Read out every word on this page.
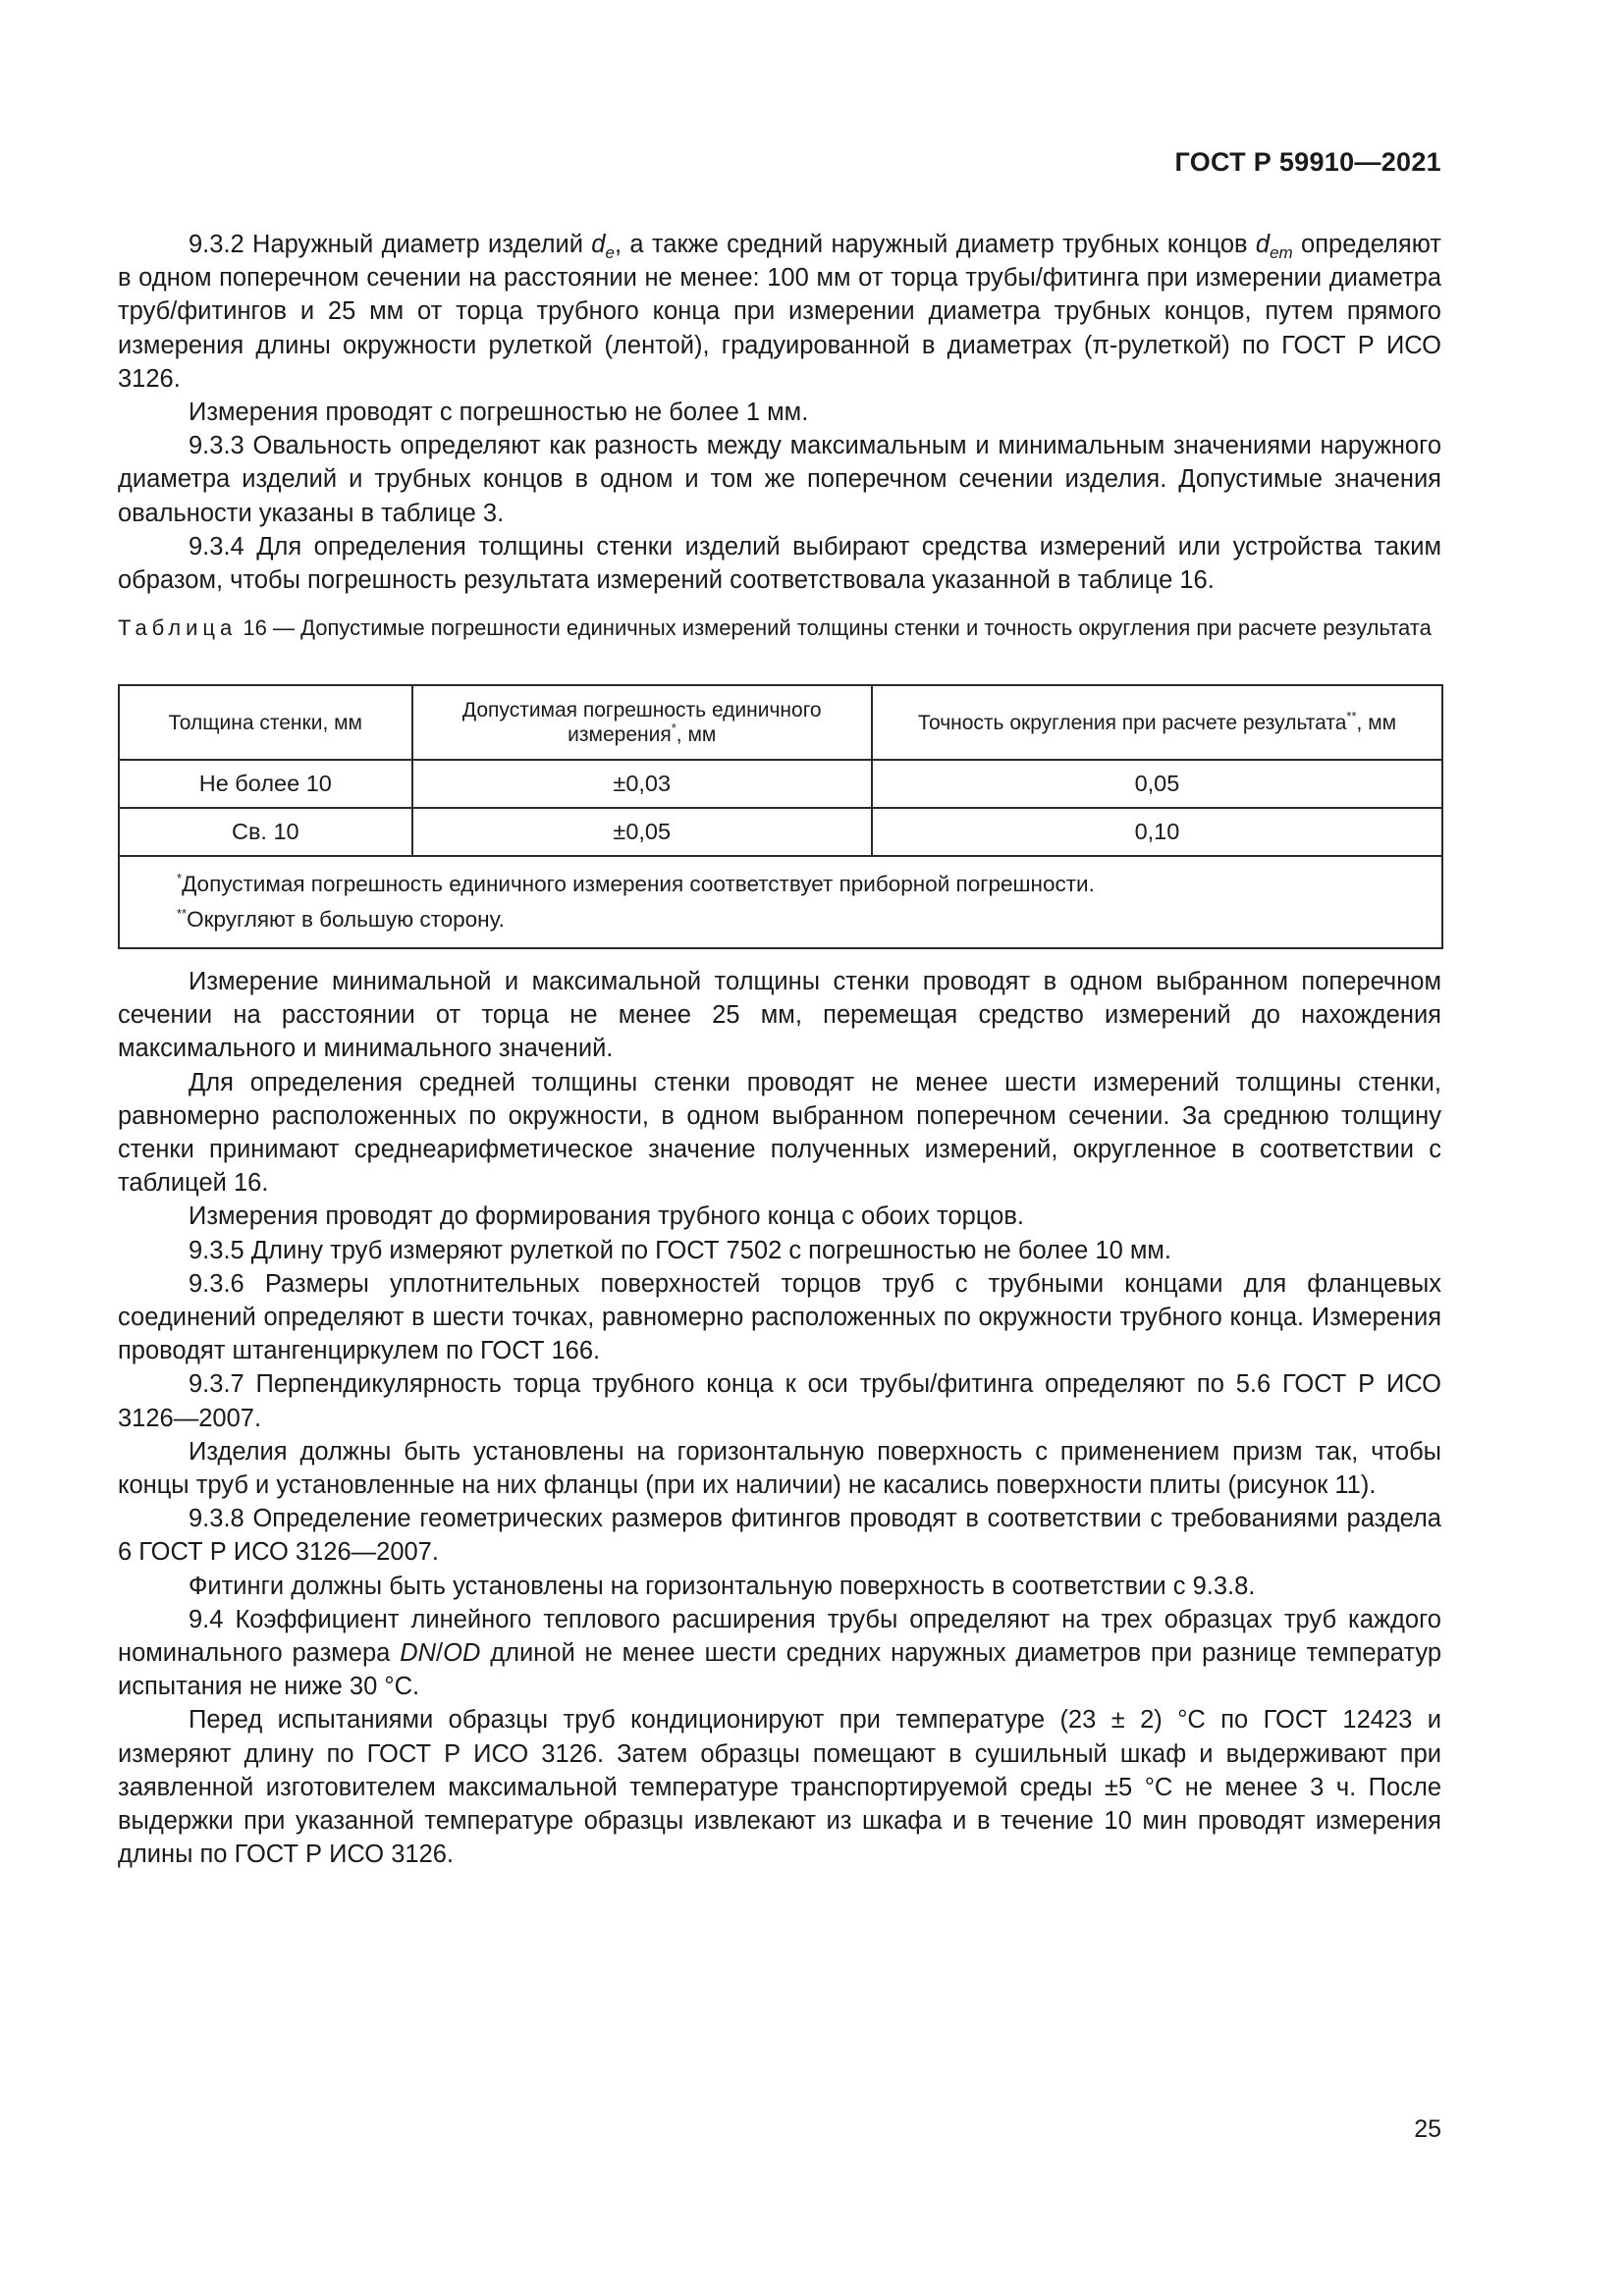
ГОСТ Р 59910—2021

9.3.2 Наружный диаметр изделий $d_e$, а также средний наружный диаметр трубных концов $d_{em}$ определяют в одном поперечном сечении на расстоянии не менее: 100 мм от торца трубы/фитинга при измерении диаметра труб/фитингов и 25 мм от торца трубного конца при измерении диаметра трубных концов, путем прямого измерения длины окружности рулеткой (лентой), градуированной в диаметрах (π-рулеткой) по ГОСТ Р ИСО 3126.

Измерения проводят с погрешностью не более 1 мм.

9.3.3 Овальность определяют как разность между максимальным и минимальным значениями наружного диаметра изделий и трубных концов в одном и том же поперечном сечении изделия. Допустимые значения овальности указаны в таблице 3.

9.3.4 Для определения толщины стенки изделий выбирают средства измерений или устройства таким образом, чтобы погрешность результата измерений соответствовала указанной в таблице 16.

Таблица 16 — Допустимые погрешности единичных измерений толщины стенки и точность округления при расчете результата
Толщина стенки, мм	Допустимая погрешность единичного измерения*, мм	Точность округления при расчете результата**, мм
Не более 10	±0,03	0,05
Св. 10	±0,05	0,10

*Допустимая погрешность единичного измерения соответствует приборной погрешности.
**Округляют в большую сторону.		

Измерение минимальной и максимальной толщины стенки проводят в одном выбранном поперечном сечении на расстоянии от торца не менее 25 мм, перемещая средство измерений до нахождения максимального и минимального значений.

Для определения средней толщины стенки проводят не менее шести измерений толщины стенки, равномерно расположенных по окружности, в одном выбранном поперечном сечении. За среднюю толщину стенки принимают среднеарифметическое значение полученных измерений, округленное в соответствии с таблицей 16.

Измерения проводят до формирования трубного конца с обоих торцов.

9.3.5 Длину труб измеряют рулеткой по ГОСТ 7502 с погрешностью не более 10 мм.

9.3.6 Размеры уплотнительных поверхностей торцов труб с трубными концами для фланцевых соединений определяют в шести точках, равномерно расположенных по окружности трубного конца. Измерения проводят штангенциркулем по ГОСТ 166.

9.3.7 Перпендикулярность торца трубного конца к оси трубы/фитинга определяют по 5.6 ГОСТ Р ИСО 3126—2007.

Изделия должны быть установлены на горизонтальную поверхность с применением призм так, чтобы концы труб и установленные на них фланцы (при их наличии) не касались поверхности плиты (рисунок 11).

9.3.8 Определение геометрических размеров фитингов проводят в соответствии с требованиями раздела 6 ГОСТ Р ИСО 3126—2007.

Фитинги должны быть установлены на горизонтальную поверхность в соответствии с 9.3.8.

9.4 Коэффициент линейного теплового расширения трубы определяют на трех образцах труб каждого номинального размера DN/OD длиной не менее шести средних наружных диаметров при разнице температур испытания не ниже 30 °С.

Перед испытаниями образцы труб кондиционируют при температуре (23 ± 2) °С по ГОСТ 12423 и измеряют длину по ГОСТ Р ИСО 3126. Затем образцы помещают в сушильный шкаф и выдерживают при заявленной изготовителем максимальной температуре транспортируемой среды ±5 °С не менее 3 ч. После выдержки при указанной температуре образцы извлекают из шкафа и в течение 10 мин проводят измерения длины по ГОСТ Р ИСО 3126.

25
